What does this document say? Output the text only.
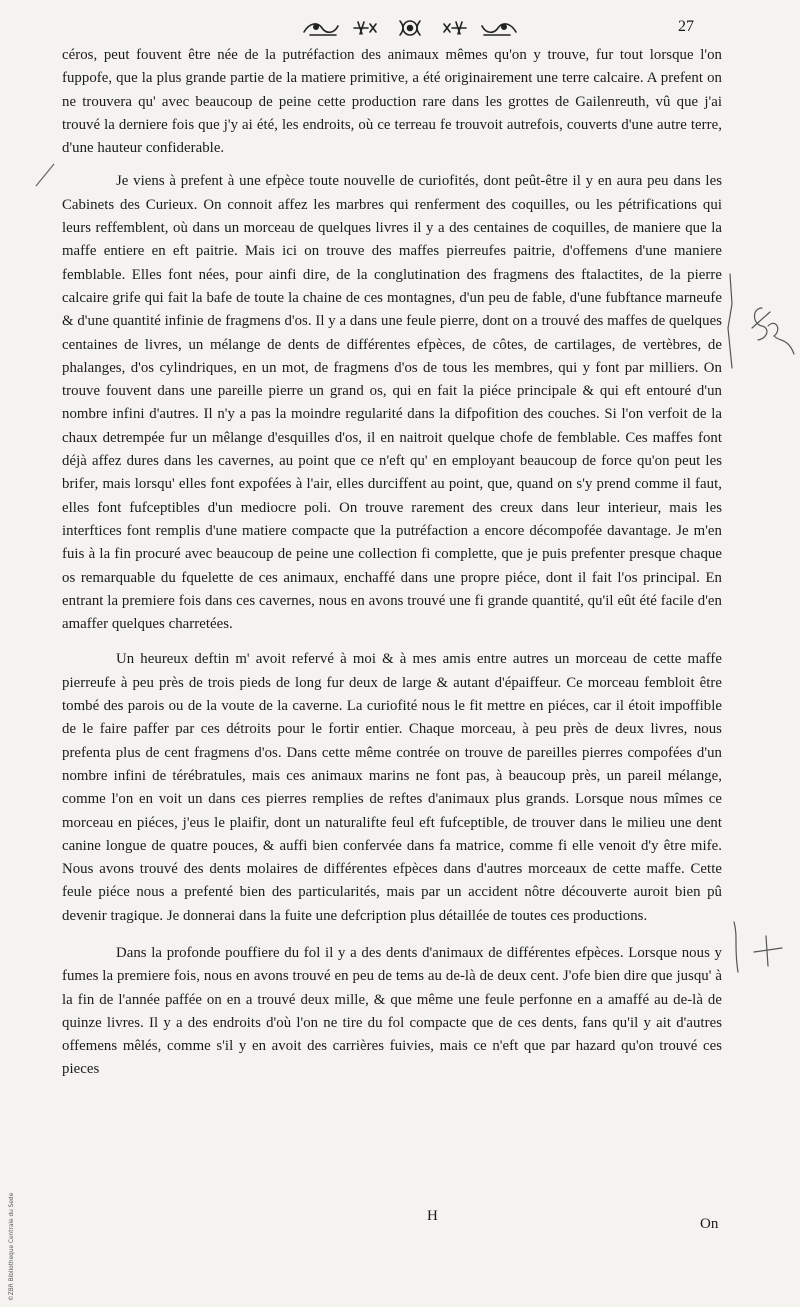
27

céros, peut fouvent être née de la putréfaction des animaux mêmes qu'on y trouve, fur tout lorsque l'on fuppofe, que la plus grande partie de la matiere primitive, a été originairement une terre calcaire. A prefent on ne trouvera qu' avec beaucoup de peine cette production rare dans les grottes de Gailenreuth, vû que j'ai trouvé la derniere fois que j'y ai été, les endroits, où ce terreau fe trouvoit autrefois, couverts d'une autre terre, d'une hauteur confiderable.

Je viens à prefent à une efpèce toute nouvelle de curiofités, dont peût-être il y en aura peu dans les Cabinets des Curieux. On connoit affez les marbres qui renferment des coquilles, ou les pétrifications qui leurs reffemblent, où dans un morceau de quelques livres il y a des centaines de coquilles, de maniere que la maffe entiere en eft paitrie. Mais ici on trouve des maffes pierreufes paitrie, d'offemens d'une maniere femblable. Elles font nées, pour ainfi dire, de la conglutination des fragmens des ftalactites, de la pierre calcaire grife qui fait la bafe de toute la chaine de ces montagnes, d'un peu de fable, d'une fubftance marneufe & d'une quantité infinie de fragmens d'os. Il y a dans une feule pierre, dont on a trouvé des maffes de quelques centaines de livres, un mélange de dents de différentes efpèces, de côtes, de cartilages, de vertèbres, de phalanges, d'os cylindriques, en un mot, de fragmens d'os de tous les membres, qui y font par milliers. On trouve fouvent dans une pareille pierre un grand os, qui en fait la piéce principale & qui eft entouré d'un nombre infini d'autres. Il n'y a pas la moindre regularité dans la difpofition des couches. Si l'on verfoit de la chaux detrempée fur un mêlange d'esquilles d'os, il en naitroit quelque chofe de femblable. Ces maffes font déjà affez dures dans les cavernes, au point que ce n'eft qu' en employant beaucoup de force qu'on peut les brifer, mais lorsqu' elles font expofées à l'air, elles durciffent au point, que, quand on s'y prend comme il faut, elles font fufceptibles d'un mediocre poli. On trouve rarement des creux dans leur interieur, mais les interftices font remplis d'une matiere compacte que la putréfaction a encore décompofée davantage. Je m'en fuis à la fin procuré avec beaucoup de peine une collection fi complette, que je puis prefenter presque chaque os remarquable du fquelette de ces animaux, enchaffé dans une propre piéce, dont il fait l'os principal. En entrant la premiere fois dans ces cavernes, nous en avons trouvé une fi grande quantité, qu'il eût été facile d'en amaffer quelques charretées.

Un heureux deftin m' avoit refervé à moi & à mes amis entre autres un morceau de cette maffe pierreufe à peu près de trois pieds de long fur deux de large & autant d'épaiffeur. Ce morceau fembloit être tombé des parois ou de la voute de la caverne. La curiofité nous le fit mettre en piéces, car il étoit impoffible de le faire paffer par ces détroits pour le fortir entier. Chaque morceau, à peu près de deux livres, nous prefenta plus de cent fragmens d'os. Dans cette même contrée on trouve de pareilles pierres compofées d'un nombre infini de térébratules, mais ces animaux marins ne font pas, à beaucoup près, un pareil mélange, comme l'on en voit un dans ces pierres remplies de reftes d'animaux plus grands. Lorsque nous mîmes ce morceau en piéces, j'eus le plaifir, dont un naturalifte feul eft fufceptible, de trouver dans le milieu une dent canine longue de quatre pouces, & auffi bien confervée dans fa matrice, comme fi elle venoit d'y être mife. Nous avons trouvé des dents molaires de différentes efpèces dans d'autres morceaux de cette maffe. Cette feule piéce nous a prefenté bien des particularités, mais par un accident nôtre découverte auroit bien pû devenir tragique. Je donnerai dans la fuite une defcription plus détaillée de toutes ces productions.

Dans la profonde pouffiere du fol il y a des dents d'animaux de différentes efpèces. Lorsque nous y fumes la premiere fois, nous en avons trouvé en peu de tems au de-là de deux cent. J'ofe bien dire que jusqu' à la fin de l'année paffée on en a trouvé deux mille, & que même une feule perfonne en a amaffé au de-là de quinze livres. Il y a des endroits d'où l'on ne tire du fol compacte que de ces dents, fans qu'il y ait d'autres offemens mêlés, comme s'il y en avoit des carrières fuivies, mais ce n'eft que par hazard qu'on trouvé ces pieces

H	On
©ZBR Bibliotheque Centrale du Sede
